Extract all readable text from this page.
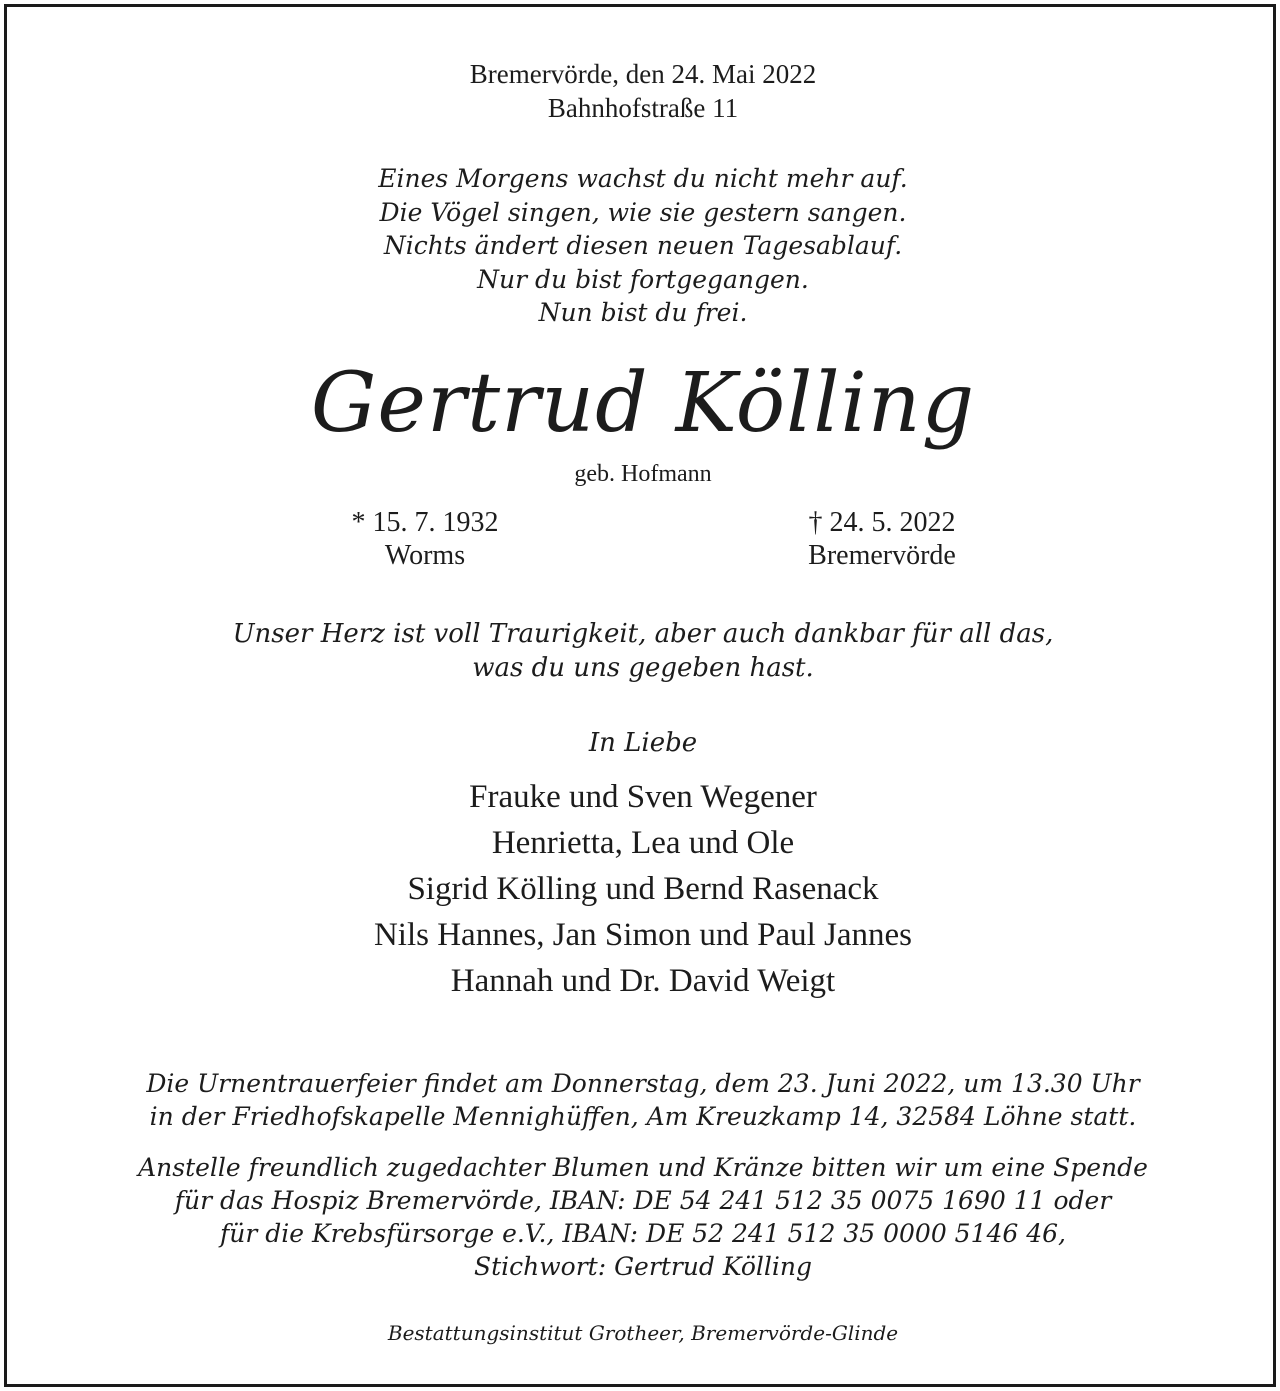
Bremervörde, den 24. Mai 2022
Bahnhofstraße 11
Eines Morgens wachst du nicht mehr auf.
Die Vögel singen, wie sie gestern sangen.
Nichts ändert diesen neuen Tagesablauf.
Nur du bist fortgegangen.
Nun bist du frei.
Gertrud Kölling
geb. Hofmann
* 15. 7. 1932
Worms
† 24. 5. 2022
Bremervörde
Unser Herz ist voll Traurigkeit, aber auch dankbar für all das,
was du uns gegeben hast.
In Liebe
Frauke und Sven Wegener
Henrietta, Lea und Ole
Sigrid Kölling und Bernd Rasenack
Nils Hannes, Jan Simon und Paul Jannes
Hannah und Dr. David Weigt
Die Urnentrauerfeier findet am Donnerstag, dem 23. Juni 2022, um 13.30 Uhr
in der Friedhofskapelle Mennighüffen, Am Kreuzkamp 14, 32584 Löhne statt.
Anstelle freundlich zugedachter Blumen und Kränze bitten wir um eine Spende
für das Hospiz Bremervörde, IBAN: DE 54 241 512 35 0075 1690 11 oder
für die Krebsfürsorge e.V., IBAN: DE 52 241 512 35 0000 5146 46,
Stichwort: Gertrud Kölling
Bestattungsinstitut Grotheer, Bremervörde-Glinde
